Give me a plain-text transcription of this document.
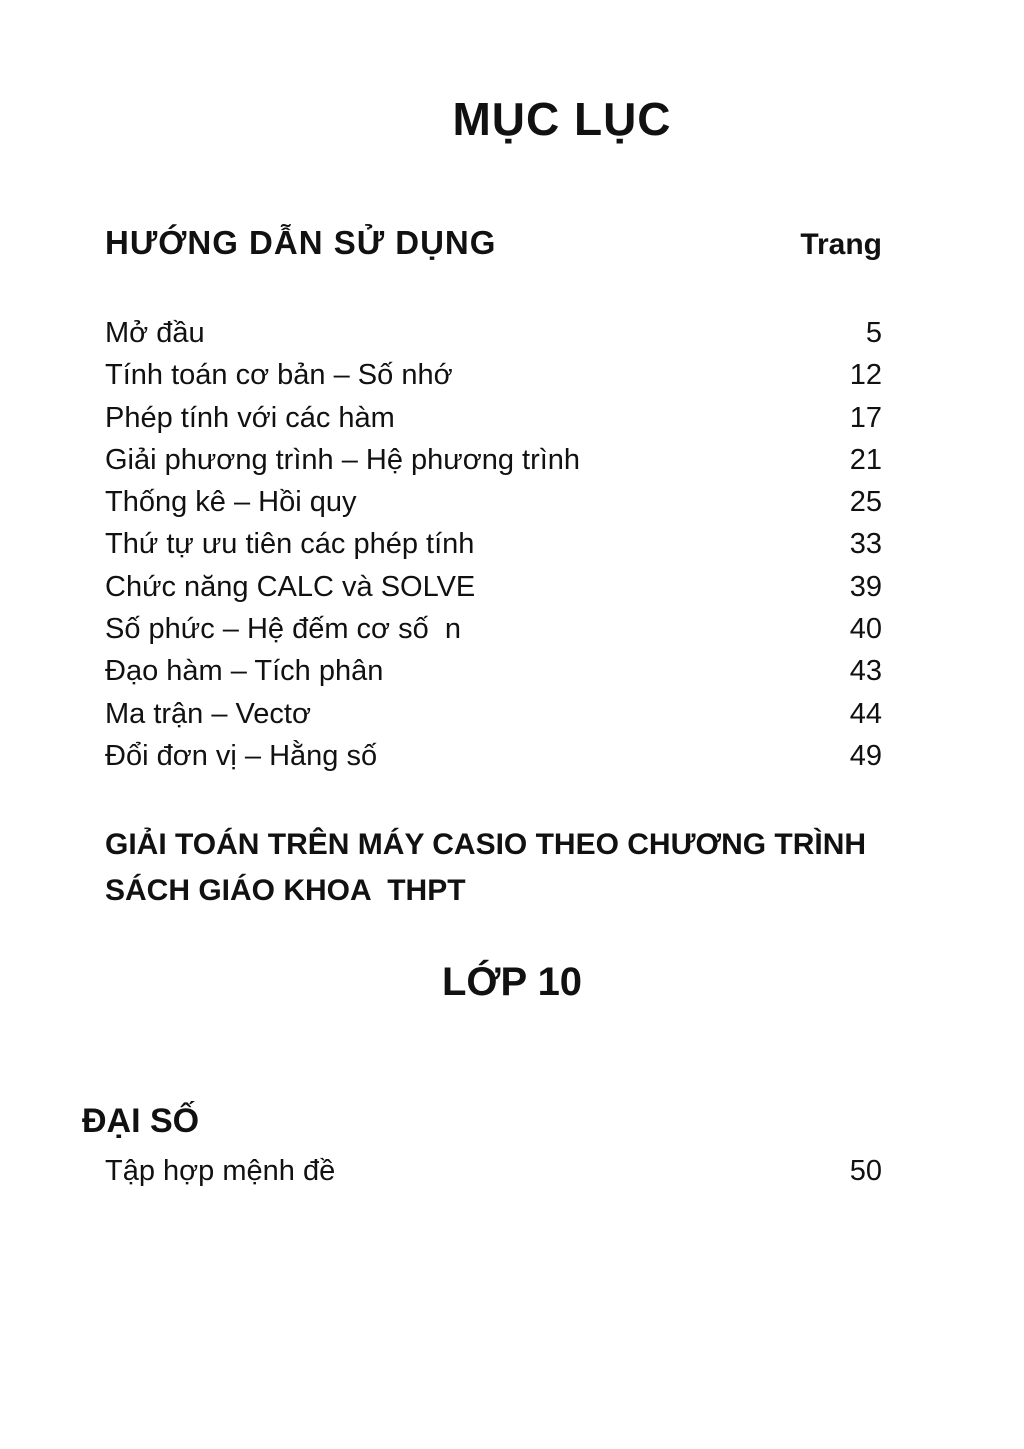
MỤC LỤC
HƯỚNG DẪN SỬ DỤNG	Trang
Mở đầu	5
Tính toán cơ bản – Số nhớ	12
Phép tính với các hàm	17
Giải phương trình – Hệ phương trình	21
Thống kê – Hồi quy	25
Thứ tự ưu tiên các phép tính	33
Chức năng CALC và SOLVE	39
Số phức – Hệ đếm cơ số  n	40
Đạo hàm – Tích phân	43
Ma trận – Vectơ	44
Đổi đơn vị – Hằng số	49
GIẢI TOÁN TRÊN MÁY CASIO THEO CHƯƠNG TRÌNH
SÁCH GIÁO KHOA  THPT
LỚP 10
ĐẠI SỐ
Tập hợp mệnh đề	50
